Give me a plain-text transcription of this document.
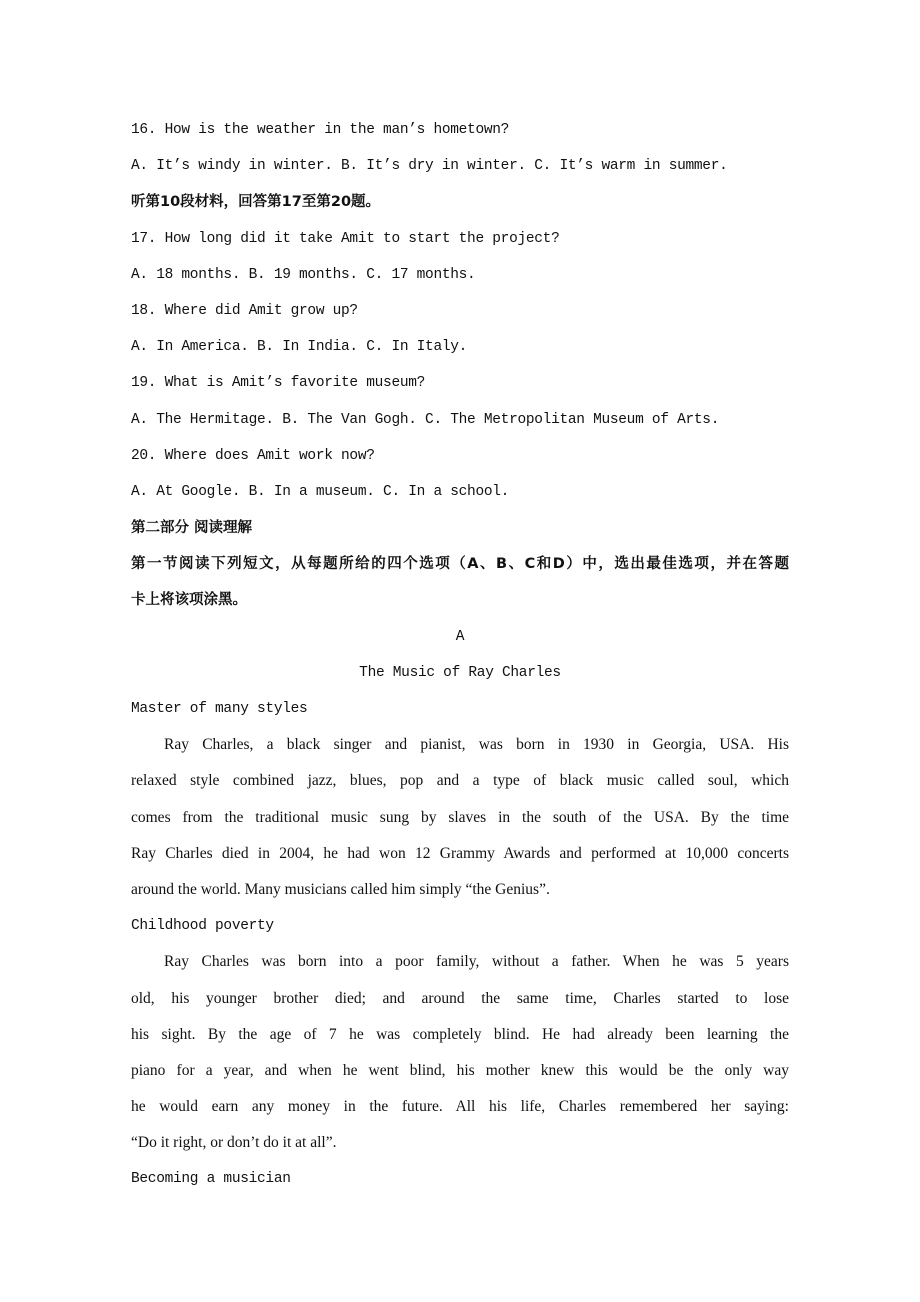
16. How is the weather in the man’s hometown?
A. It’s windy in winter. B. It’s dry in winter. C. It’s warm in summer.
听第10段材料，回答第17至第20题。
17. How long did it take Amit to start the project?
A. 18 months. B. 19 months. C. 17 months.
18. Where did Amit grow up?
A. In America. B. In India. C. In Italy.
19. What is Amit’s favorite museum?
A. The Hermitage. B. The Van Gogh. C. The Metropolitan Museum of Arts.
20. Where does Amit work now?
A. At Google. B. In a museum. C. In a school.
第二部分 阅读理解
第一节阅读下列短文，从每题所给的四个选项（A、B、C和D）中，选出最佳选项，并在答题
卡上将该项涂黑。
A
The Music of Ray Charles
Master of many styles
Ray Charles, a black singer and pianist, was born in 1930 in Georgia, USA. His
relaxed style combined jazz, blues, pop and a type of black music called soul, which
comes from the traditional music sung by slaves in the south of the USA. By the time
Ray Charles died in 2004, he had won 12 Grammy Awards and performed at 10,000 concerts
around the world. Many musicians called him simply “the Genius”.
Childhood poverty
Ray Charles was born into a poor family, without a father. When he was 5 years
old, his younger brother died; and around the same time, Charles started to lose
his sight. By the age of 7 he was completely blind. He had already been learning the
piano for a year, and when he went blind, his mother knew this would be the only way
he would earn any money in the future. All his life, Charles remembered her saying:
“Do it right, or don’t do it at all”.
Becoming a musician
